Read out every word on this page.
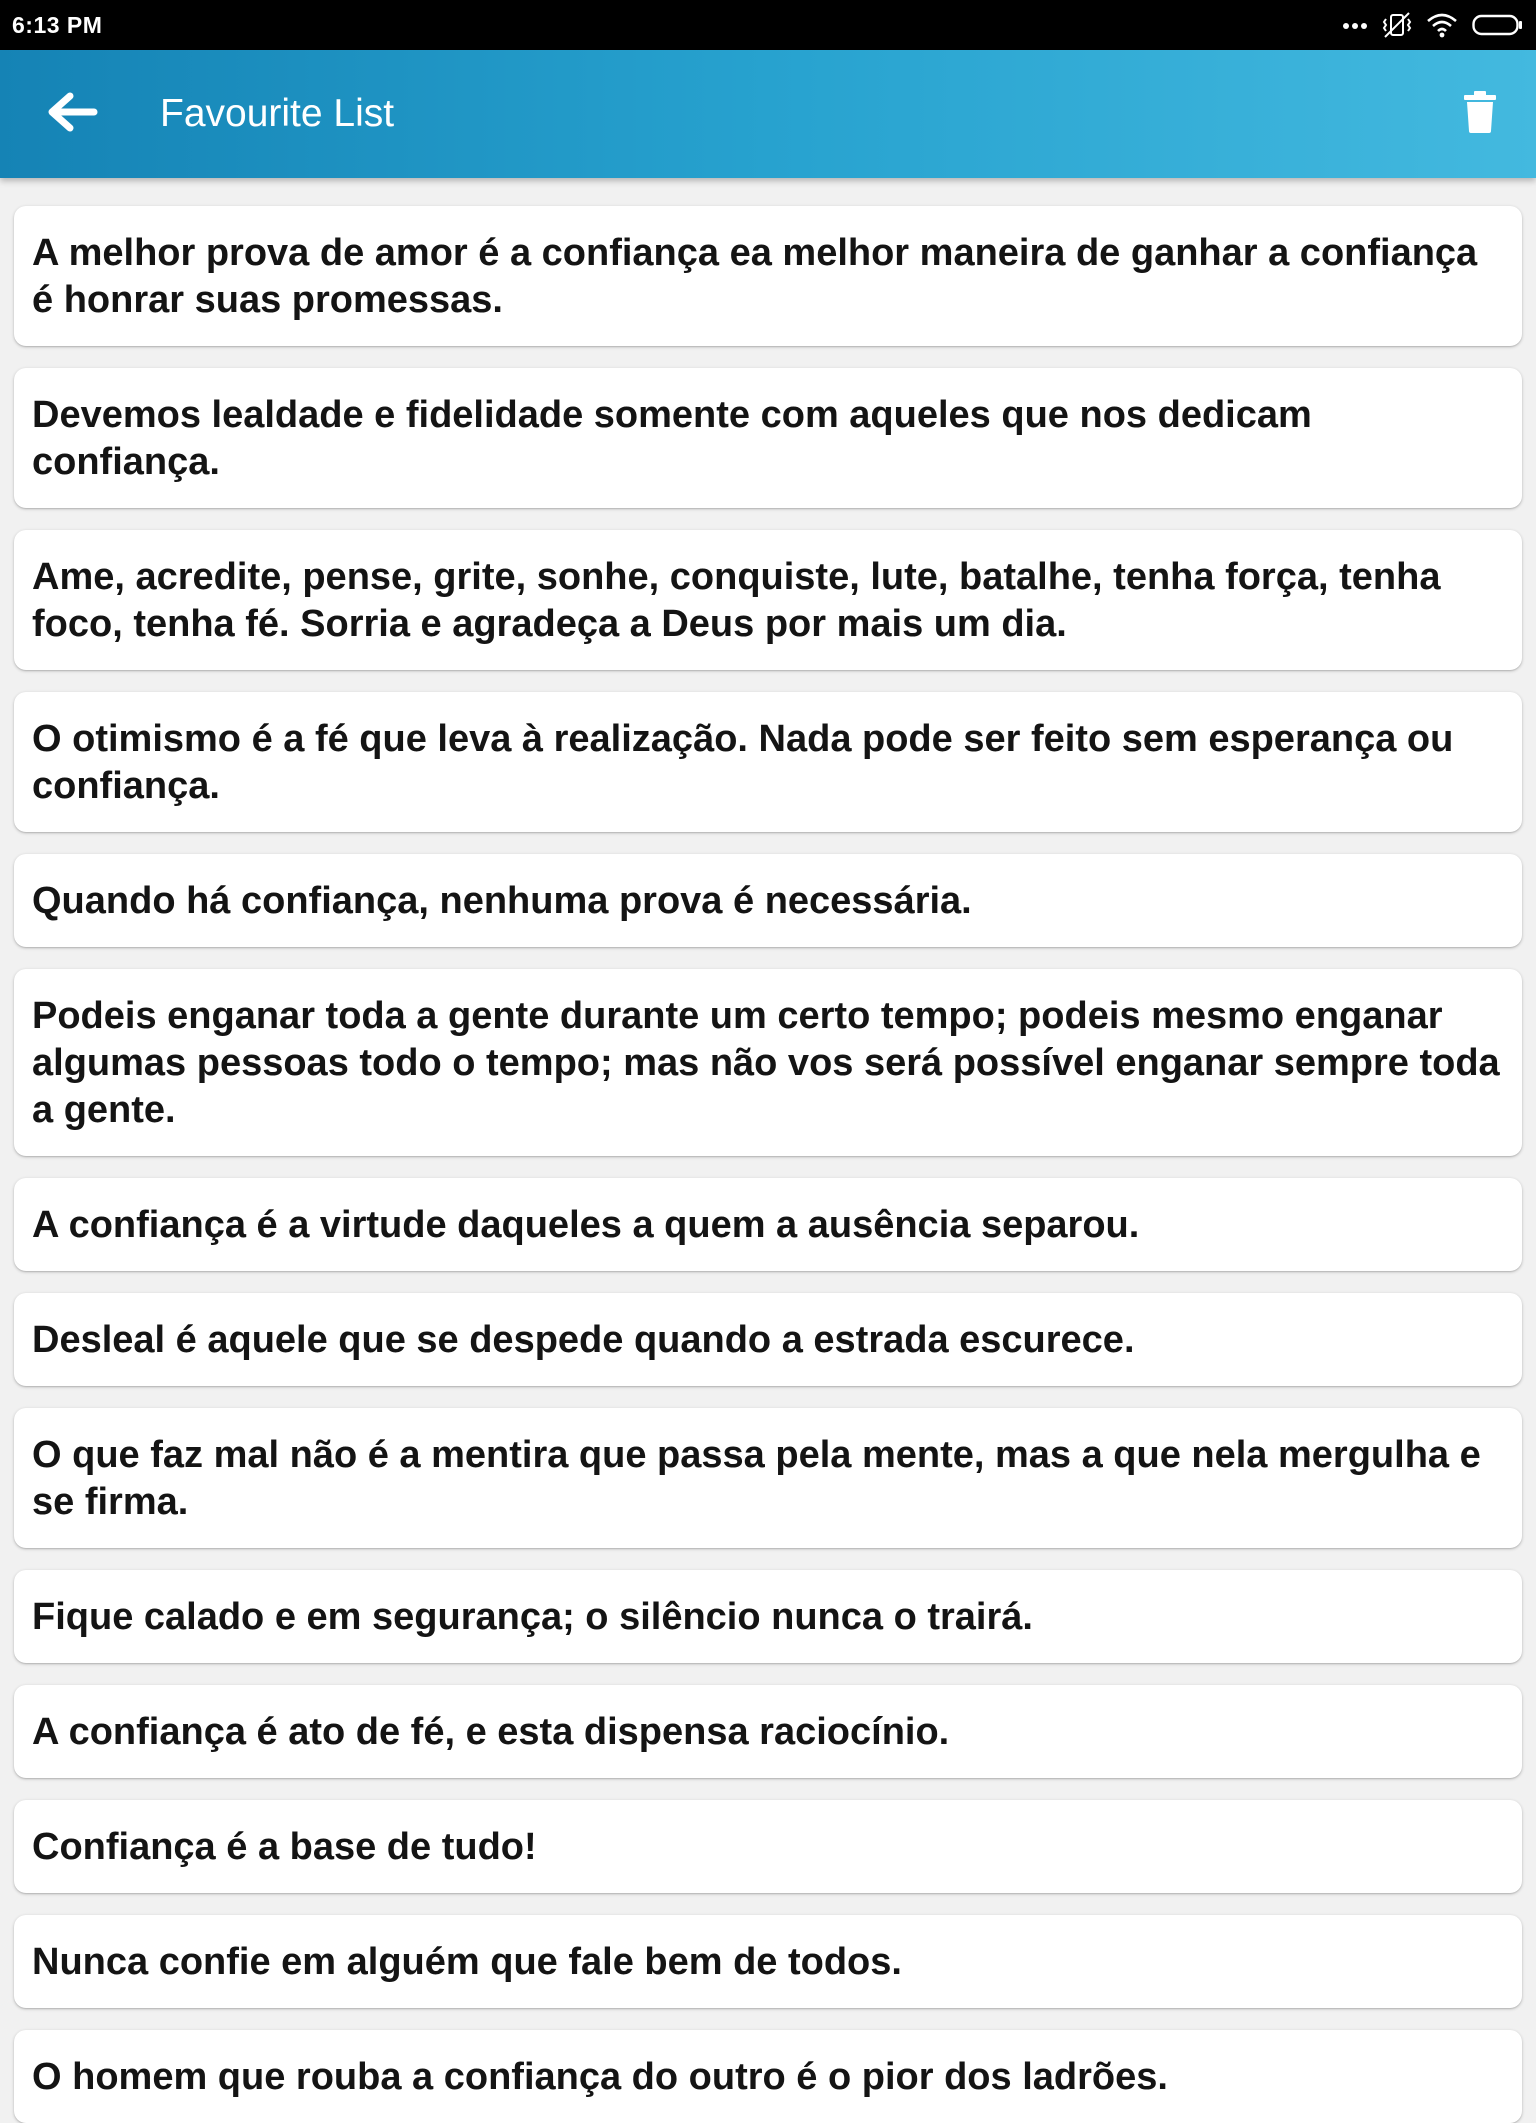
6:13 PM
Favourite List
A melhor prova de amor é a confiança ea melhor maneira de ganhar a confiança é honrar suas promessas.
Devemos lealdade e fidelidade somente com aqueles que nos dedicam confiança.
Ame, acredite, pense, grite, sonhe, conquiste, lute, batalhe, tenha força, tenha foco, tenha fé. Sorria e agradeça a Deus por mais um dia.
O otimismo é a fé que leva à realização. Nada pode ser feito sem esperança ou confiança.
Quando há confiança, nenhuma prova é necessária.
Podeis enganar toda a gente durante um certo tempo; podeis mesmo enganar algumas pessoas todo o tempo; mas não vos será possível enganar sempre toda a gente.
A confiança é a virtude daqueles a quem a ausência separou.
Desleal é aquele que se despede quando a estrada escurece.
O que faz mal não é a mentira que passa pela mente, mas a que nela mergulha e se firma.
Fique calado e em segurança; o silêncio nunca o trairá.
A confiança é ato de fé, e esta dispensa raciocínio.
Confiança é a base de tudo!
Nunca confie em alguém que fale bem de todos.
O homem que rouba a confiança do outro é o pior dos ladrões.
